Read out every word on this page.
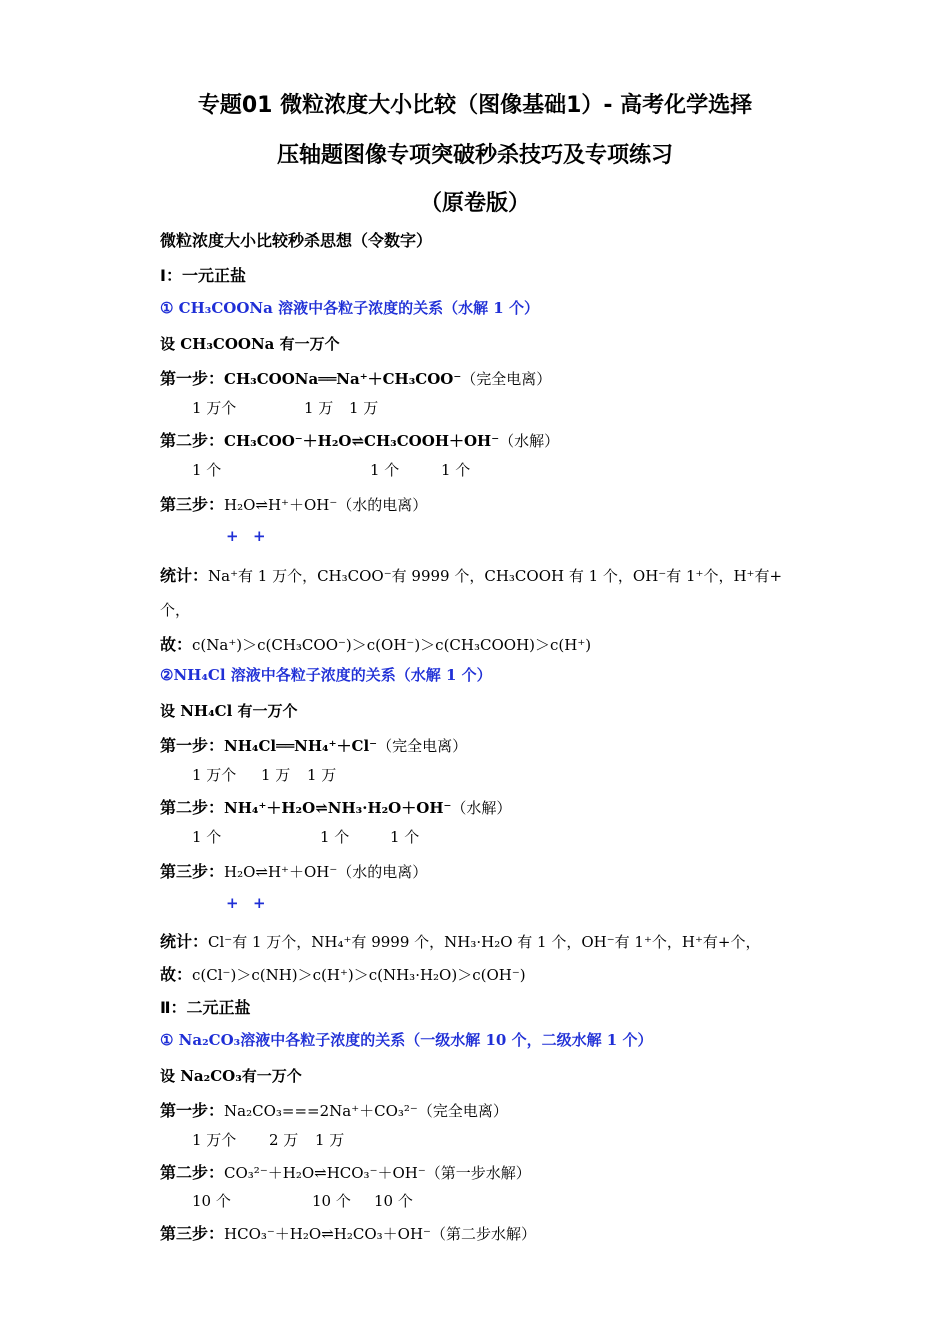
专题01 微粒浓度大小比较（图像基础1）- 高考化学选择
压轴题图像专项突破秒杀技巧及专项练习
（原卷版）
微粒浓度大小比较秒杀思想（令数字）
Ⅰ：一元正盐
① CH₃COONa 溶液中各粒子浓度的关系（水解 1 个）
设 CH₃COONa 有一万个
第一步：CH₃COONa══Na⁺＋CH₃COO⁻（完全电离）
1 万个	1 万 1 万
第二步：CH₃COO⁻＋H₂O⇌CH₃COOH＋OH⁻（水解）
1 个	1 个	1 个
第三步：H₂O⇌H⁺＋OH⁻（水的电离）
+ +
统计：Na⁺有 1 万个，CH₃COO⁻有 9999 个，CH₃COOH 有 1 个，OH⁻有 1⁺个，H⁺有+
个，
故：c(Na⁺)＞c(CH₃COO⁻)＞c(OH⁻)＞c(CH₃COOH)＞c(H⁺)
②NH₄Cl 溶液中各粒子浓度的关系（水解 1 个）
设 NH₄Cl 有一万个
第一步：NH₄Cl══NH₄⁺＋Cl⁻（完全电离）
1 万个 1 万 1 万
第二步：NH₄⁺＋H₂O⇌NH₃·H₂O＋OH⁻（水解）
1 个	1 个	1 个
第三步：H₂O⇌H⁺＋OH⁻（水的电离）
+ +
统计：Cl⁻有 1 万个，NH₄⁺有 9999 个，NH₃·H₂O 有 1 个，OH⁻有 1⁺个，H⁺有+个，
故：c(Cl⁻)＞c(NH)＞c(H⁺)＞c(NH₃·H₂O)＞c(OH⁻)
Ⅱ：二元正盐
① Na₂CO₃溶液中各粒子浓度的关系（一级水解 10 个，二级水解 1 个）
设 Na₂CO₃有一万个
第一步：Na₂CO₃===2Na⁺＋CO₃²⁻（完全电离）
1 万个 2 万 1 万
第二步：CO₃²⁻＋H₂O⇌HCO₃⁻＋OH⁻（第一步水解）
10 个	10 个 10 个
第三步：HCO₃⁻＋H₂O⇌H₂CO₃＋OH⁻（第二步水解）
